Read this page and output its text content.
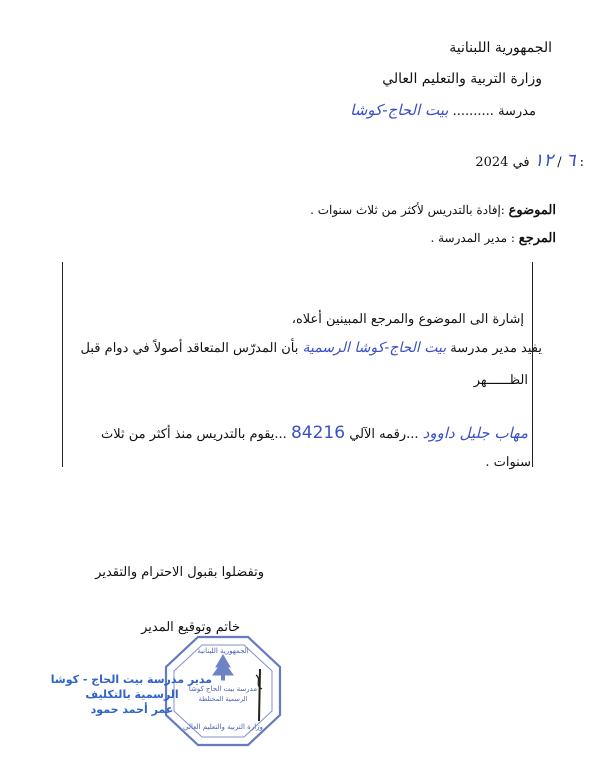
الجمهورية اللبنانية
وزارة التربية والتعليم العالي
مدرسة .......... بيت الحاج-كوشا
2024	٦ / ١٢ في :
الموضوع :إفادة بالتدريس لأكثر من ثلاث سنوات .
المرجع : مدير المدرسة .
إشارة الى الموضوع والمرجع المبينين أعلاه،
يفيد مدير مدرسة بيت الحاج-كوشا الرسمية بأن المدرّس المتعاقد أصولاً في دوام قبل
الظــــــهر
مهاب جليل داوود ...رقمه الآلي 84216 ...يقوم بالتدريس منذ أكثر من ثلاث
سنوات .
وتفضلوا بقبول الاحترام والتقدير
خاتم وتوقيع المدير
الجمهورية اللبنانية
مدرسة بيت الحاج كوشا
الرسمية المختلطة
وزارة التربية والتعليم العالي
مدير مدرسة بيت الحاج - كوشا
الرسمية بالتكليف
عمر أحمد حمود
